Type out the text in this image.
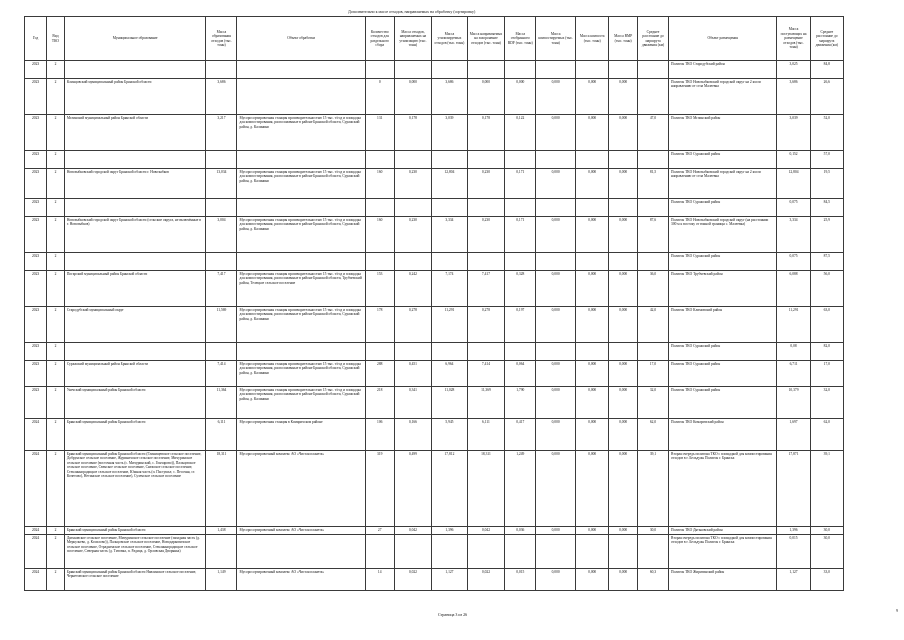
Дополнительно к массе отходов, направляемых на обработку (сортировку)
Год	Вид ТКО	Муниципальное образование	Масса образования отходов (тыс. тонн)	Объект обработки	Количество отходов для раздельного сбора	Масса отходов, направляемых на утилизацию (тыс. тонн)	Масса утилизируемых отходов (тыс. тонн)	Масса направляемых на захоронение отходов (тыс. тонн)	Масса отобранного RDF (тыс. тонн)	Масса компостируемых (тыс. тонн)	Масса компоста (тыс. тонн)	Масса ВМР (тыс. тонн)	Среднее расстояние до маршрута движения (км)	Объект размещения	Масса поступающих на размещение отходов (тыс. тонн)	Среднее расстояние до маршрута движения (км)
2023	2													Полигон ТКО Стародубский район	3,025	84,8
2023	2	Клинцовский муниципальный район Брянской области	3,686		0	0,000	3,686	0,000	0,000	0,000	0,000	0,000		Полигон ТКО Новозыбковский городской округ на 2 км по направлению от села Малеевка	3,686	26,6
2023	2	Мглинский муниципальный район Брянской области	3,217	Мусоросортировочная станция производительностью 15 тыс. т/год и площадка для компостирования, расположенные в районе Брянской области, Суражский район, д. Калинино	131	0,178	3,039	0,178	0,122	0,000	0,000	0,000	47,0	Полигон ТКО Мглинский район	3,039	52,0
2023	2													Полигон ТКО Суражский район	0,152	57,0
2023	2	Новозыбковский городской округ Брянской области г. Новозыбков	13,034	Мусоросортировочная станция производительностью 15 тыс. т/год и площадка для компостирования, расположенные в районе Брянской области, Суражский район, д. Калинино	160	0,230	12,804	0,230	0,171	0,000	0,000	0,000	81,5	Полигон ТКО Новозыбковский городской округ на 2 км по направлению от села Малеевка	12,804	19,5
2023	2													Полигон ТКО Суражский район	0,075	84,5
2023	2	Новозыбковский городской округ Брянской области (сельские округа, не включённые в г. Новозыбков)	3,004	Мусоросортировочная станция производительностью 15 тыс. т/год и площадка для компостирования, расположенные в районе Брянской области, Суражский район, д. Калинино	160	0,230	3,334	0,230	0,171	0,000	0,000	0,000	87,6	Полигон ТКО Новозыбковский городской округ (на расстоянии 300 м к востоку от южной границы с. Малеевка)	3,334	25,9
2023	2													Полигон ТКО Суражский район	0,075	87,5
2023	2	Погарский муниципальный район Брянской области	7,417	Мусоросортировочная станция производительностью 15 тыс. т/год и площадка для компостирования, расположенные в районе Брянской области, Трубчевский район, Телецкое сельское поселение	153	0,242	7,174	7,417	0,328	0,000	0,000	0,000	36,0	Полигон ТКО Трубчевский район	6,088	56,0
2023	2	Стародубский муниципальный округ	11,569	Мусоросортировочная станция производительностью 15 тыс. т/год и площадка для компостирования, расположенные в районе Брянской области, Суражский район, д. Калинино	178	0,278	11,291	0,278	0,197	0,000	0,000	0,000	42,0	Полигон ТКО Климовский район	11,291	63,0
2023	2													Полигон ТКО Суражский район	0,08	82,0
2023	2	Суражский муниципальный район Брянской области	7,414	Мусоросортировочная станция производительностью 15 тыс. т/год и площадка для компостирования, расположенные в районе Брянской области, Суражский район, д. Калинино	288	0,451	6,964	7,414	0,064	0,000	0,000	0,000	17,0	Полигон ТКО Суражский район	6,711	17,0
2023	2	Унечский муниципальный район Брянской области	11,364	Мусоросортировочная станция производительностью 15 тыс. т/год и площадка для компостирования, расположенные в районе Брянской области, Суражский район, д. Калинино	218	0,341	11,028	11,369	1,790	0,000	0,000	0,000	32,0	Полигон ТКО Суражский район	10,379	32,0
2024	2	Брянский муниципальный район Брянской области	6,111	Мусоросортировочная станция в Комаричском районе	106	0,166	5,945	6,111	0,417	0,000	0,000	0,000	62,0	Полигон ТКО Комаричский район	1,697	62,0
2024	2	Брянский муниципальный район Брянской области (Глинищевское сельское поселение, Добрунское сельское поселение, Журиничское сельское поселение, Мичуринское сельское поселение (восточная часть (с. Мичуринский, с. Гончарово)), Пальцовское сельское поселение, Свенское сельское поселение, Снежское сельское поселение, Стекляннорадицкое сельское поселение, Южная часть (п. Пастушье, с. Песочня, ст. Кочетово), Нетинское сельское поселение), Суземское сельское поселение	18,311	Мусоросортировочный комплекс АО «Чистая планета»	319	0,499	17,812	18,311	1,249	0,000	0,000	0,000	39,1	Вторая очередь полигона ТКО с площадкой для компостирования отходов в г. Бельдужь Полигон г. Брянска	17,871	39,1
2024	2	Брянский муниципальный район Брянской области	1,438	Мусоросортировочный комплекс АО «Чистая планета»	27	0,042	1,396	0,042	0,036	0,000	0,000	0,000	30,0	Полигон ТКО Дятьковский район	1,396	30,0
2024	2	Дятьковское сельское поселение, Мичуринское сельское поселение (западная часть (д. Меркульево, д. Косилово)), Пальцовское сельское поселение, Новодарковичское сельское поселение, Отрадненское сельское поселение, Стекляннорадицкое сельское поселение, Северная часть (д. Титовка, п. Радица, д. Орловская Дворянка)												Вторая очередь полигона ТКО с площадкой для компостирования отходов в г. Бельдужь Полигон г. Брянска	0,015	30,0
2024	2	Брянский муниципальный район Брянской области Навлинское сельское поселение, Чернетовское сельское поселение	1,149	Мусоросортировочный комплекс АО «Чистая планета»	14	0,022	1,127	0,022	0,015	0,000	0,000	0,000	60,3	Полигон ТКО Жирятинский район	1,127	33,0
Страница 3 из 26
9
